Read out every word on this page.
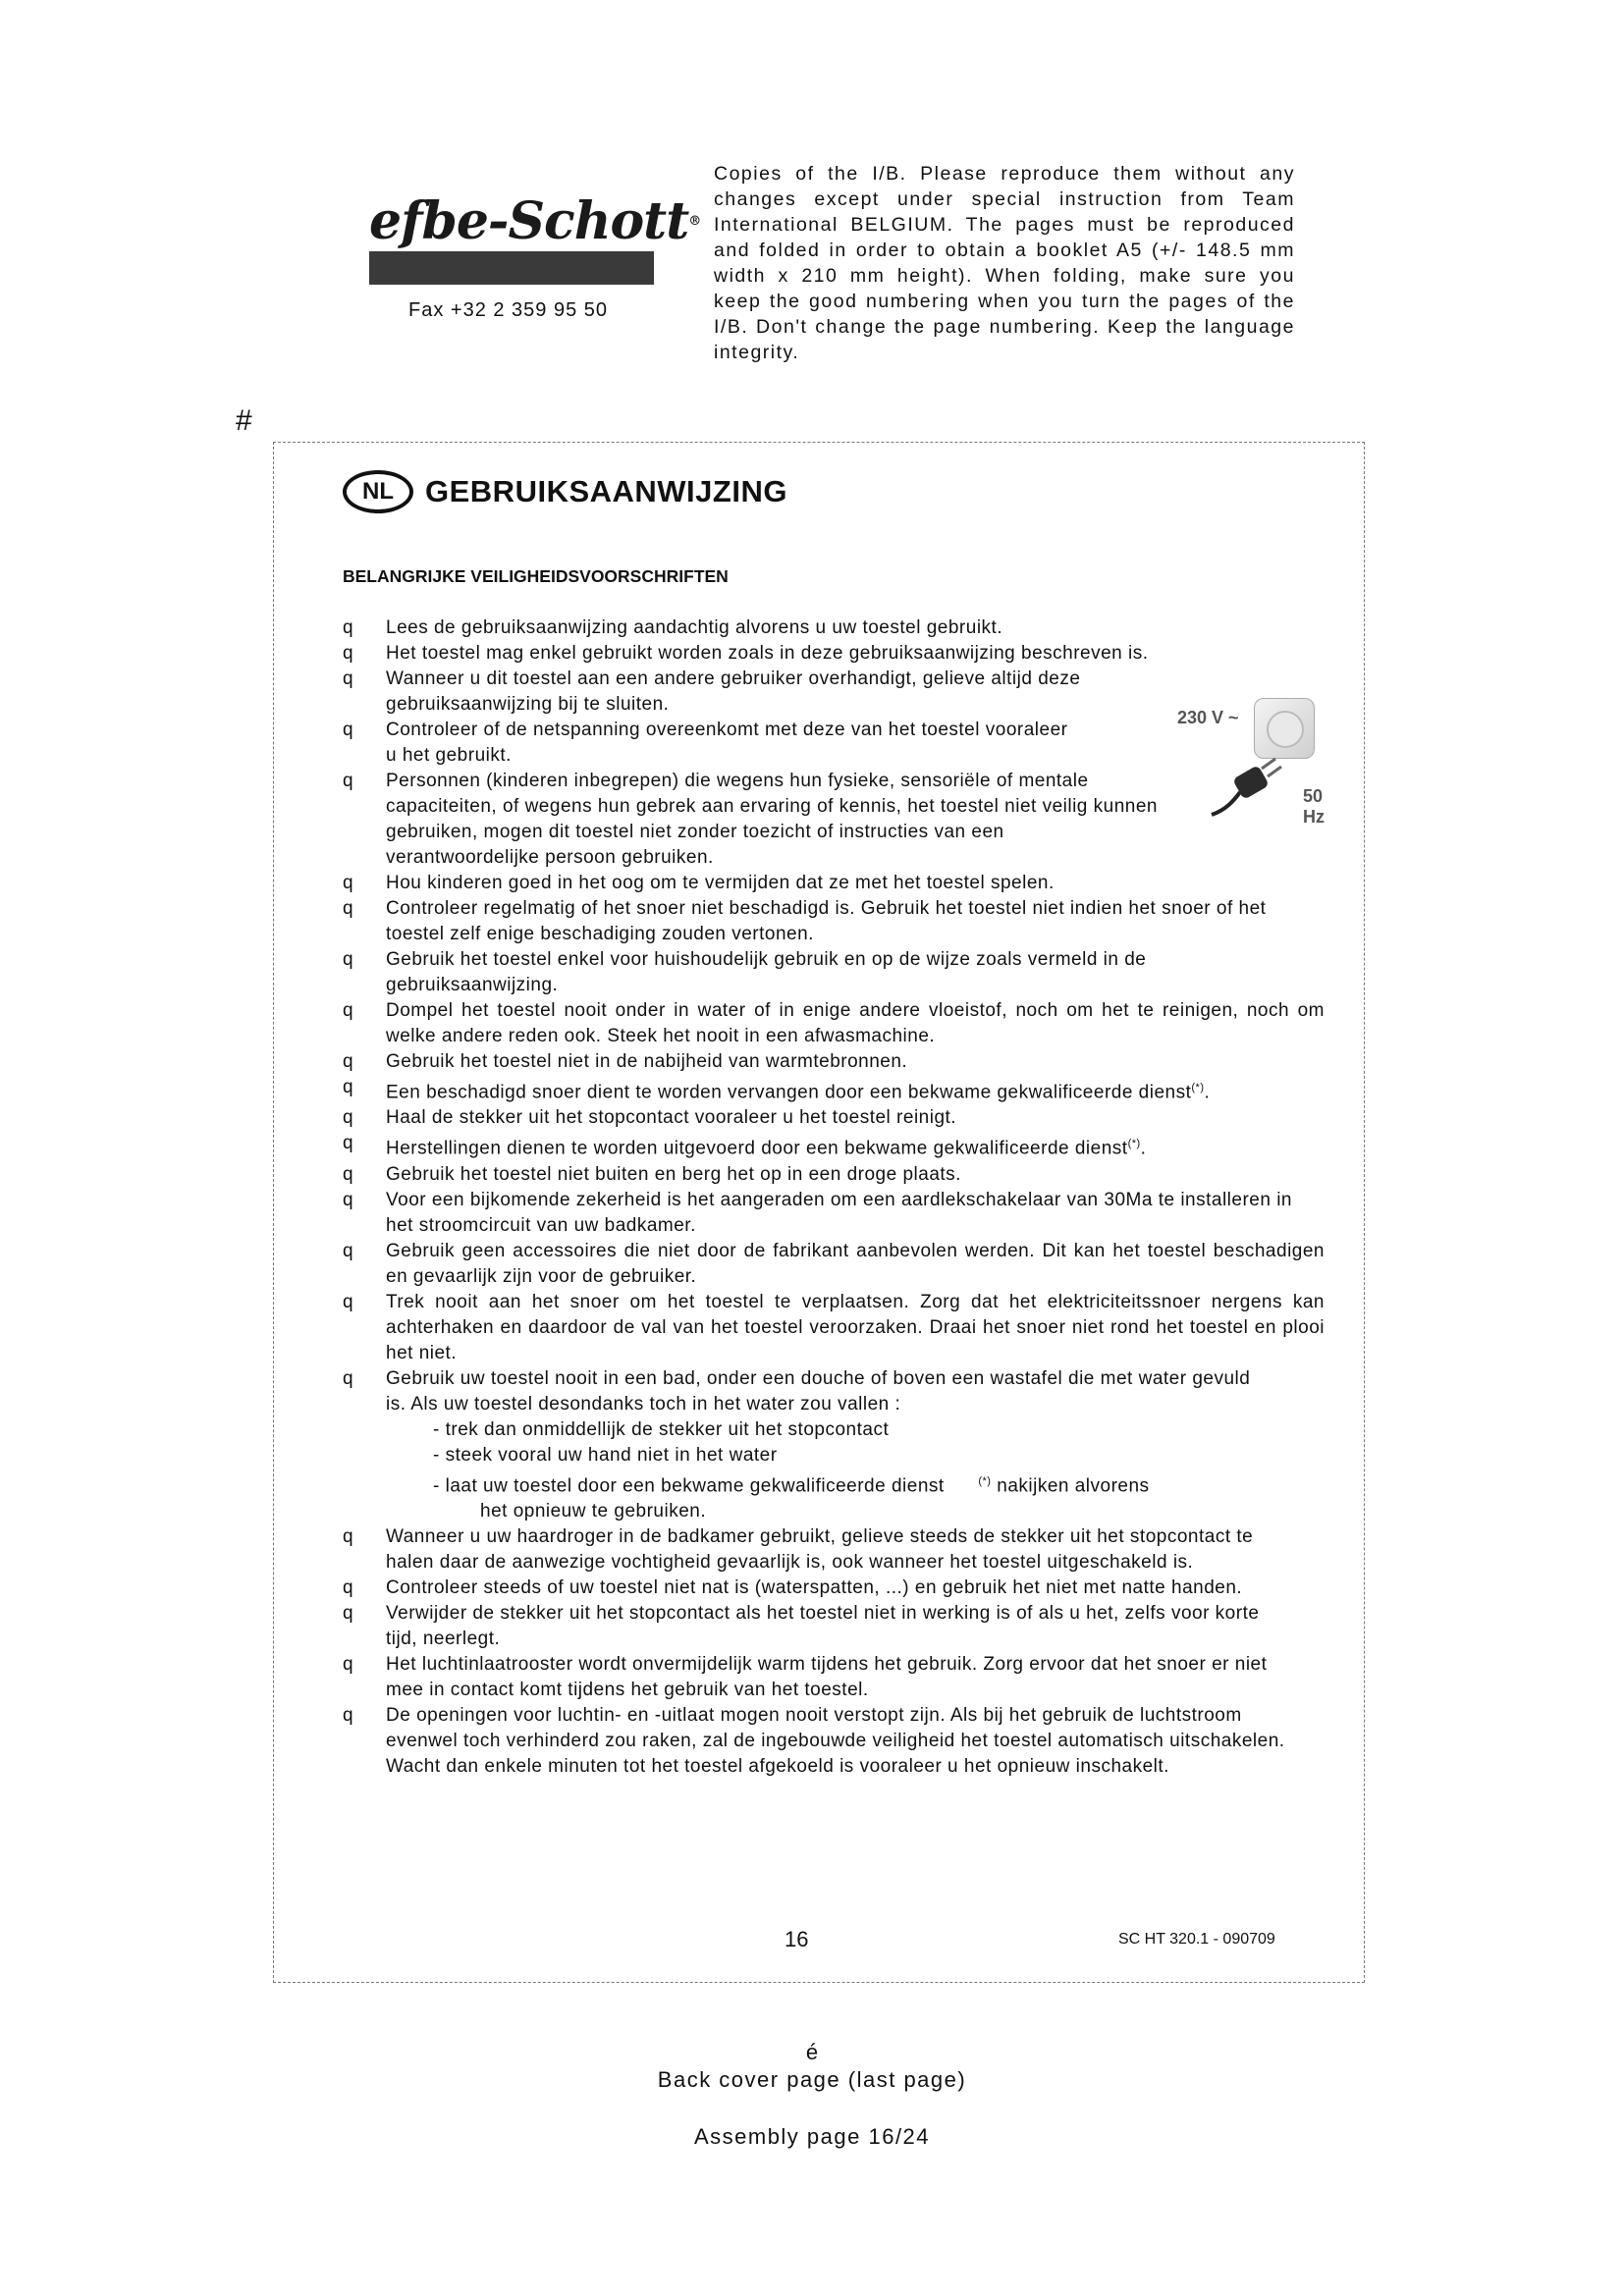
efbe-Schott®
Fax +32 2 359 95 50
Copies of the I/B. Please reproduce them without any changes except under special instruction from Team International BELGIUM. The pages must be reproduced and folded in order to obtain a booklet A5 (+/- 148.5 mm width x 210 mm height). When folding, make sure you keep the good numbering when you turn the pages of the I/B. Don't change the page numbering. Keep the language integrity.
#
NL	GEBRUIKSAANWIJZING
BELANGRIJKE VEILIGHEIDSVOORSCHRIFTEN
230 V ~
50 Hz
q	Lees de gebruiksaanwijzing aandachtig alvorens u uw toestel gebruikt.
q	Het toestel mag enkel gebruikt worden zoals in deze gebruiksaanwijzing beschreven is.
q	Wanneer u dit toestel aan een andere gebruiker overhandigt, gelieve altijd deze gebruiksaanwijzing bij te sluiten.
q	Controleer of de netspanning overeenkomt met deze van het toestel vooraleer u het gebruikt.
q	Personnen (kinderen inbegrepen) die wegens hun fysieke, sensoriële of mentale capaciteiten, of wegens hun gebrek aan ervaring of kennis, het toestel niet veilig kunnen gebruiken, mogen dit toestel niet zonder toezicht of instructies van een verantwoordelijke persoon gebruiken.
q	Hou kinderen goed in het oog om te vermijden dat ze met het toestel spelen.
q	Controleer regelmatig of het snoer niet beschadigd is. Gebruik het toestel niet indien het snoer of het toestel zelf enige beschadiging zouden vertonen.
q	Gebruik het toestel enkel voor huishoudelijk gebruik en op de wijze zoals vermeld in de gebruiksaanwijzing.
q	Dompel het toestel nooit onder in water of in enige andere vloeistof, noch om het te reinigen, noch om welke andere reden ook. Steek het nooit in een afwasmachine.
q	Gebruik het toestel niet in de nabijheid van warmtebronnen.
q	Een beschadigd snoer dient te worden vervangen door een bekwame gekwalificeerde dienst(*).
q	Haal de stekker uit het stopcontact vooraleer u het toestel reinigt.
q	Herstellingen dienen te worden uitgevoerd door een bekwame gekwalificeerde dienst(*).
q	Gebruik het toestel niet buiten en berg het op in een droge plaats.
q	Voor een bijkomende zekerheid is het aangeraden om een aardlekschakelaar van 30Ma te installeren in het stroomcircuit van uw badkamer.
q	Gebruik geen accessoires die niet door de fabrikant aanbevolen werden. Dit kan het toestel beschadigen en gevaarlijk zijn voor de gebruiker.
q	Trek nooit aan het snoer om het toestel te verplaatsen. Zorg dat het elektriciteitssnoer nergens kan achterhaken en daardoor de val van het toestel veroorzaken. Draai het snoer niet rond het toestel en plooi het niet.
q	Gebruik uw toestel nooit in een bad, onder een douche of boven een wastafel die met water gevuld is. Als uw toestel desondanks toch in het water zou vallen :
- trek dan onmiddellijk de stekker uit het stopcontact
- steek vooral uw hand niet in het water
- laat uw toestel door een bekwame gekwalificeerde dienst	(*) nakijken alvorens
het opnieuw te gebruiken.
q	Wanneer u uw haardroger in de badkamer gebruikt, gelieve steeds de stekker uit het stopcontact te halen daar de aanwezige vochtigheid gevaarlijk is, ook wanneer het toestel uitgeschakeld is.
q	Controleer steeds of uw toestel niet nat is (waterspatten, ...) en gebruik het niet met natte handen.
q	Verwijder de stekker uit het stopcontact als het toestel niet in werking is of als u het, zelfs voor korte tijd, neerlegt.
q	Het luchtinlaatrooster wordt onvermijdelijk warm tijdens het gebruik. Zorg ervoor dat het snoer er niet mee in contact komt tijdens het gebruik van het toestel.
q	De openingen voor luchtin- en -uitlaat mogen nooit verstopt zijn. Als bij het gebruik de luchtstroom evenwel toch verhinderd zou raken, zal de ingebouwde veiligheid het toestel automatisch uitschakelen. Wacht dan enkele minuten tot het toestel afgekoeld is vooraleer u het opnieuw inschakelt.
16	SC HT 320.1 - 090709
é
Back cover page (last page)
Assembly page 16/24
